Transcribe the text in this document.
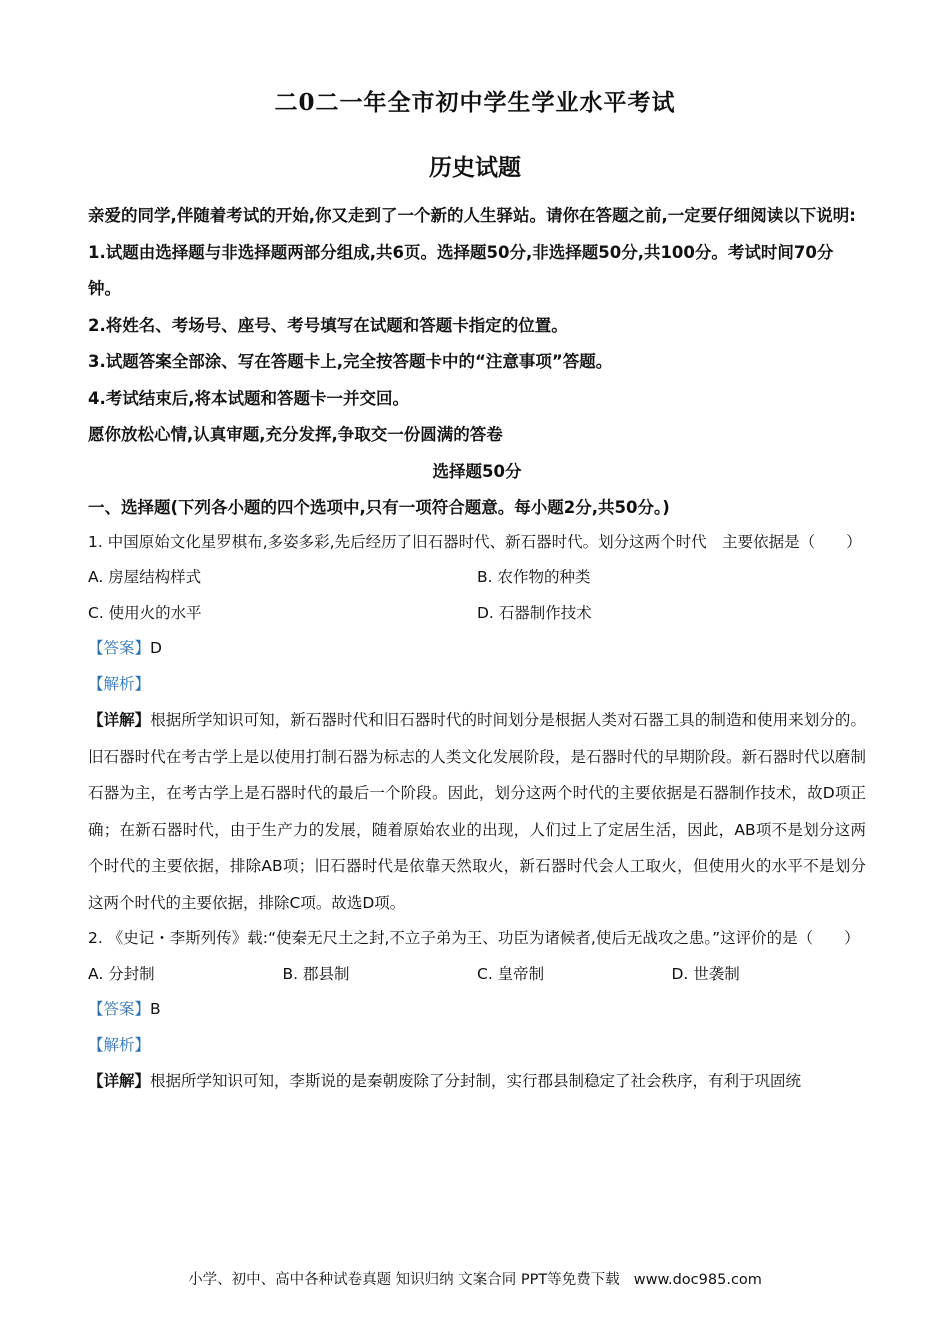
二0二一年全市初中学生学业水平考试
历史试题

亲爱的同学,伴随着考试的开始,你又走到了一个新的人生驿站。请你在答题之前,一定要仔细阅读以下说明:

1.试题由选择题与非选择题两部分组成,共6页。选择题50分,非选择题50分,共100分。考试时间70分钟。

2.将姓名、考场号、座号、考号填写在试题和答题卡指定的位置。

3.试题答案全部涂、写在答题卡上,完全按答题卡中的“注意事项”答题。

4.考试结束后,将本试题和答题卡一并交回。

愿你放松心情,认真审题,充分发挥,争取交一份圆满的答卷

选择题50分

一、选择题(下列各小题的四个选项中,只有一项符合题意。每小题2分,共50分。)

1. 中国原始文化星罗棋布,多姿多彩,先后经历了旧石器时代、新石器时代。划分这两个时代　主要依据是（　　）

A. 房屋结构样式	B. 农作物的种类
C. 使用火的水平	D. 石器制作技术

【答案】D

【解析】

【详解】根据所学知识可知，新石器时代和旧石器时代的时间划分是根据人类对石器工具的制造和使用来划分的。旧石器时代在考古学上是以使用打制石器为标志的人类文化发展阶段，是石器时代的早期阶段。新石器时代以磨制石器为主，在考古学上是石器时代的最后一个阶段。因此，划分这两个时代的主要依据是石器制作技术，故D项正确；在新石器时代，由于生产力的发展，随着原始农业的出现，人们过上了定居生活，因此，AB项不是划分这两个时代的主要依据，排除AB项；旧石器时代是依靠天然取火，新石器时代会人工取火，但使用火的水平不是划分这两个时代的主要依据，排除C项。故选D项。

2. 《史记・李斯列传》载:“使秦无尺土之封,不立子弟为王、功臣为诸候者,使后无战攻之患。”这评价的是（　　）

A. 分封制	B. 郡县制	C. 皇帝制	D. 世袭制

【答案】B

【解析】

【详解】根据所学知识可知，李斯说的是秦朝废除了分封制，实行郡县制稳定了社会秩序，有利于巩固统

小学、初中、高中各种试卷真题 知识归纳 文案合同 PPT等免费下载 www.doc985.com
